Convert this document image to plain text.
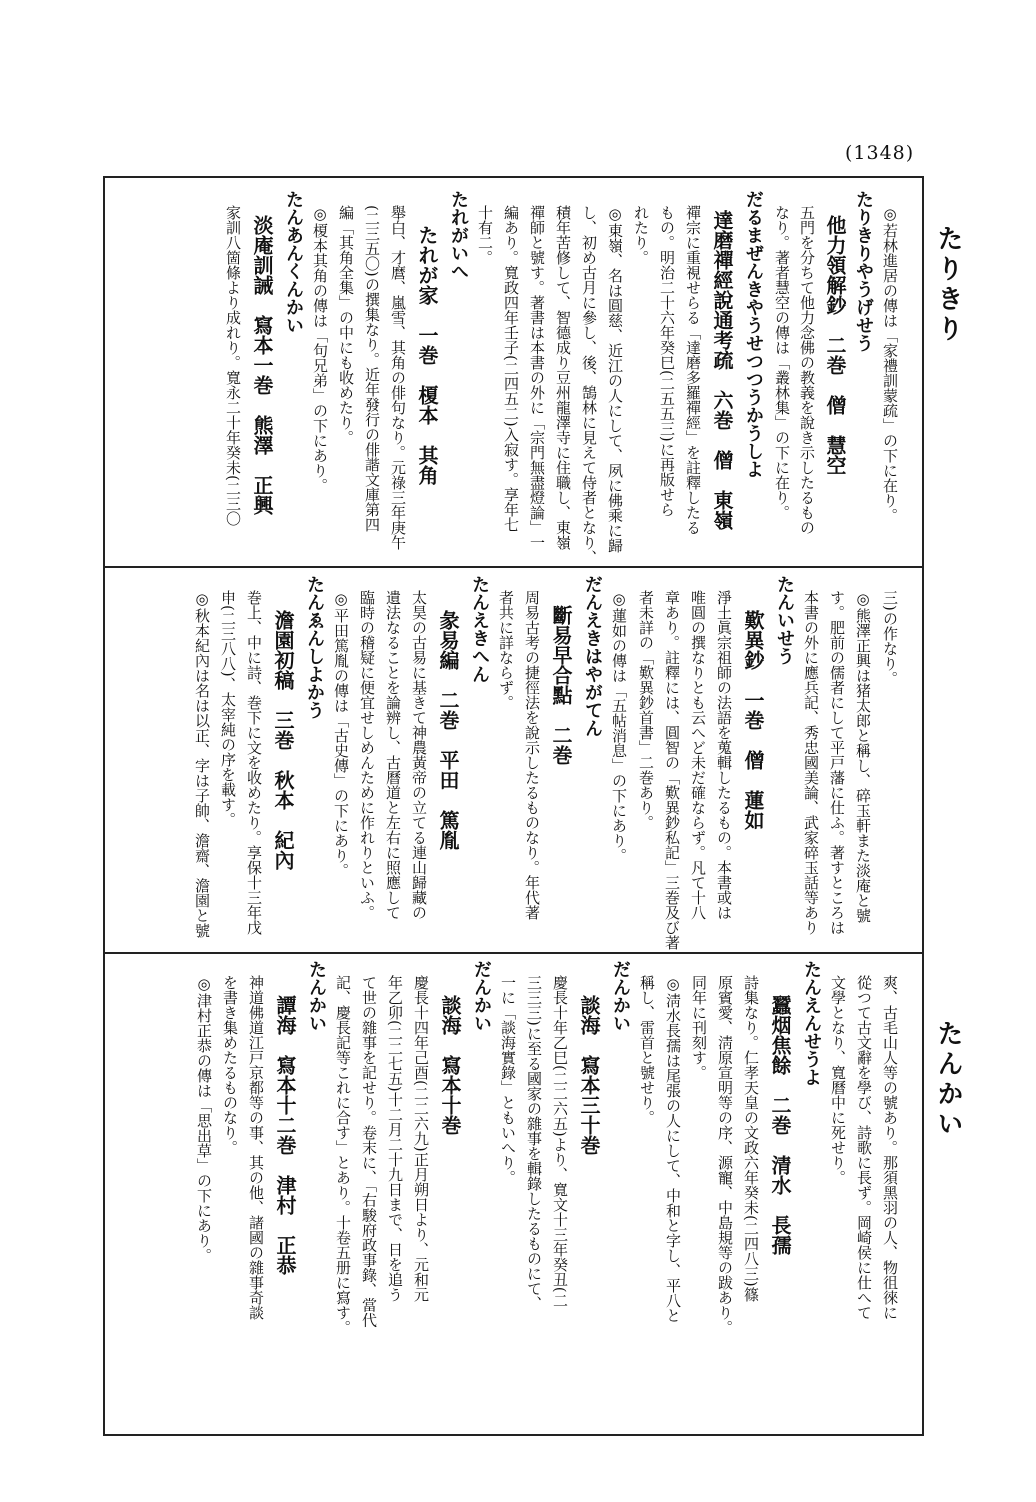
(1348)
たりきり
たんかい
◎若林進居の傳は「家禮訓蒙疏」の下に在り。
たりきりやうげせう
他力領解鈔　二巻　僧　慧空
五門を分ちて他力念佛の教義を說き示したるもの
なり。著者慧空の傳は「叢林集」の下に在り。
だるまぜんきやうせつつうかうしよ
達磨禪經說通考疏　六巻　僧　東嶺
禪宗に重視せらる「達磨多羅禪經」を註釋したる
もの。明治二十六年癸巳(二五五三)に再版せら
れたり。
◎東嶺、名は圓慈、近江の人にして、夙に佛乘に歸
し、初め古月に參し、後、鵠林に見えて侍者となり、
積年苦修して、智德成り豆州龍澤寺に住職し、東嶺
禪師と號す。著書は本書の外に「宗門無盡燈論」一
編あり。寬政四年壬子(二四五二)入寂す。享年七
十有二。
たれがいへ
たれが家　一巻　榎本　其角
舉白、才麿、嵐雪、其角の俳句なり。元祿三年庚午
(二三五〇)の撰集なり。近年發行の俳諧文庫第四
編「其角全集」の中にも收めたり。
◎榎本其角の傳は「句兄弟」の下にあり。
たんあんくんかい
淡庵訓誡　寫本一巻　熊澤　正興
家訓八箇條より成れり。寬永二十年癸未(二三〇
三)の作なり。
◎熊澤正興は猪太郎と稱し、碎玉軒また淡庵と號
す。肥前の儒者にして平戸藩に仕ふ。著すところは
本書の外に應兵記、秀忠國美論、武家碎玉話等あり
たんいせう
歎異鈔　一巻　僧　蓮如
淨土眞宗祖師の法語を蒐輯したるもの。本書或は
唯圓の撰なりとも云へど未だ確ならず。凡て十八
章あり。註釋には、圓智の「歎異鈔私記」三巻及び著
者未詳の「歎異鈔首書」二巻あり。
◎蓮如の傳は「五帖消息」の下にあり。
だんえきはやがてん
斷易早合點　二巻
周易古考の捷徑法を說示したるものなり。年代著
者共に詳ならず。
たんえきへん
彖易編　二巻　平田　篤胤
太昊の古易に基きて神農黃帝の立てる連山歸藏の
遺法なることを論辨し、古曆道と左右に照應して
臨時の稽疑に便宜せしめんために作れりといふ。
◎平田篤胤の傳は「古史傳」の下にあり。
たんゑんしよかう
澹園初稿　三巻　秋本　紀內
巻上、中に詩、巻下に文を收めたり。享保十三年戊
申(二三八八)、太宰純の序を載す。
◎秋本紀內は名は以正、字は子帥、澹齋、澹園と號
爽、古毛山人等の號あり。那須黑羽の人、物徂徠に
從つて古文辭を學び、詩歌に長ず。岡崎侯に仕へて
文學となり、寬曆中に死せり。
たんえんせうよ
蠶烟焦餘　二巻　清水　長孺
詩集なり。仁孝天皇の文政六年癸未(二四八三)篠
原賓愛、淸原宣明等の序、源寵、中島規等の跋あり。
同年に刊刻す。
◎淸水長孺は尾張の人にして、中和と字し、平八と
稱し、雷首と號せり。
だんかい
談海　寫本三十巻
慶長十年乙巳(二二六五)より、寬文十三年癸丑(二
三三三)に至る國家の雜事を輯錄したるものにて、
一に「談海實錄」ともいへり。
だんかい
談海　寫本十巻
慶長十四年己酉(二二六九)正月朔日より、元和元
年乙卯(二二七五)十二月二十九日まで、日を追う
て世の雜事を記せり。卷末に、「右駿府政事錄、當代
記、慶長記等これに合す」とあり。十卷五册に寫す。
たんかい
譚海　寫本十二巻　津村　正恭
神道佛道江戸京都等の事、其の他、諸國の雜事奇談
を書き集めたるものなり。
◎津村正恭の傳は「思出草」の下にあり。
